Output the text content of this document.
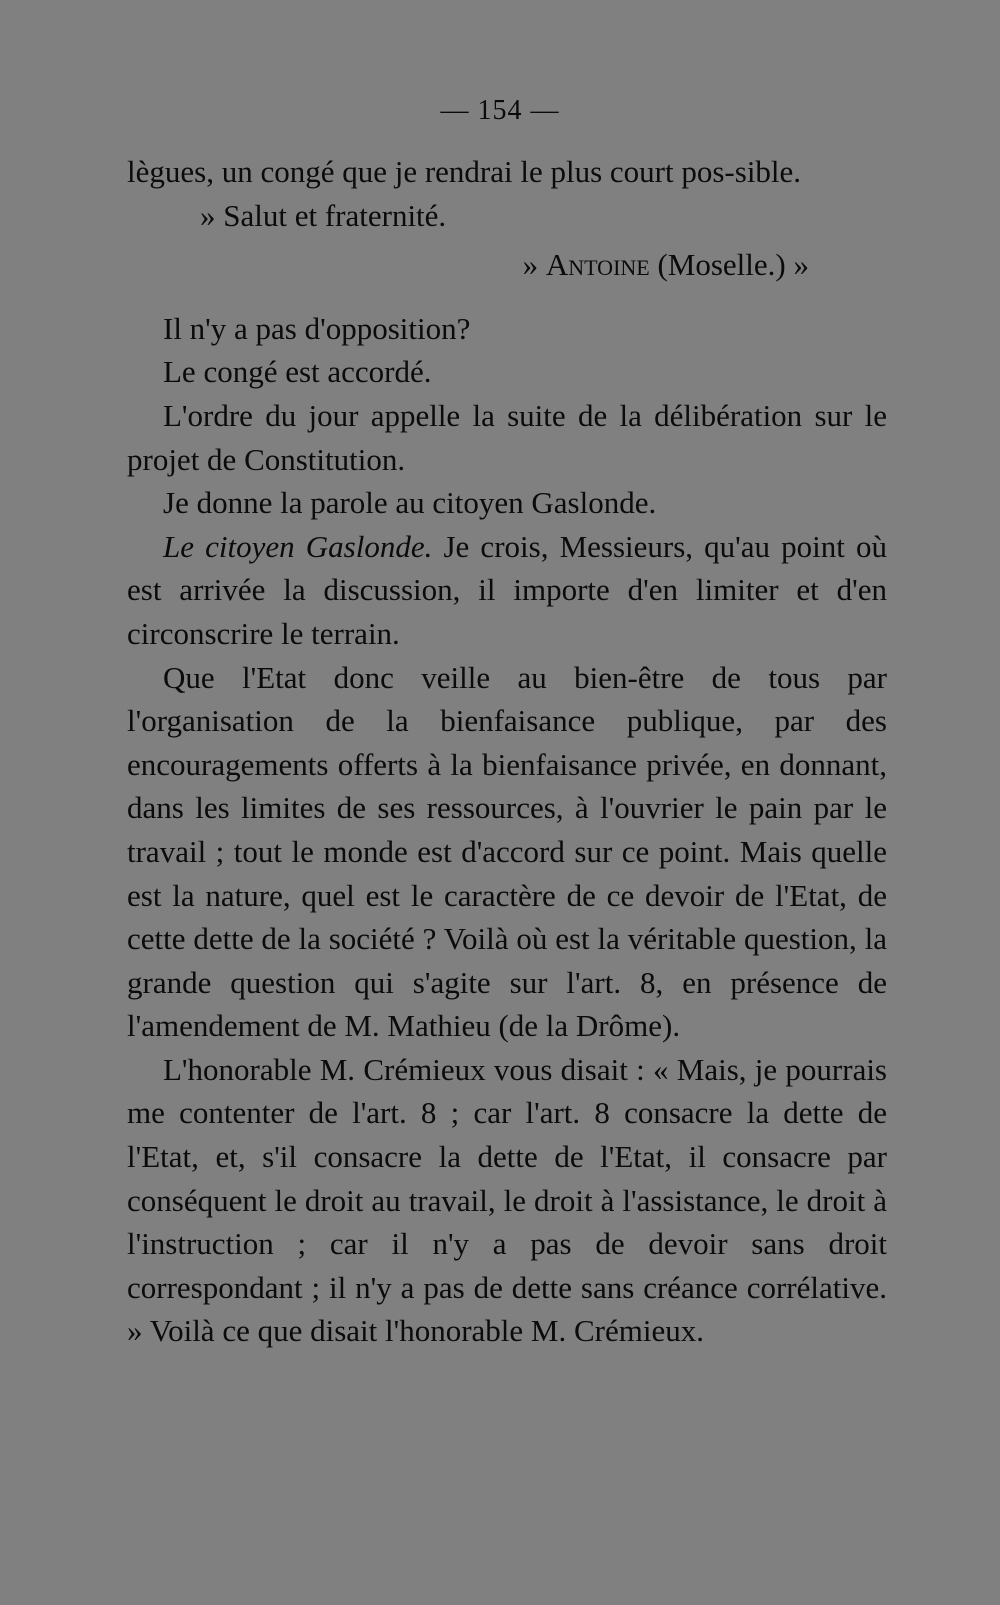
— 154 —

lègues, un congé que je rendrai le plus court pos-sible.

» Salut et fraternité.

» Antoine (Moselle.) »

Il n'y a pas d'opposition?

Le congé est accordé.

L'ordre du jour appelle la suite de la délibération sur le projet de Constitution.

Je donne la parole au citoyen Gaslonde.

Le citoyen Gaslonde. Je crois, Messieurs, qu'au point où est arrivée la discussion, il importe d'en limiter et d'en circonscrire le terrain.

Que l'Etat donc veille au bien-être de tous par l'organisation de la bienfaisance publique, par des encouragements offerts à la bienfaisance privée, en donnant, dans les limites de ses ressources, à l'ouvrier le pain par le travail ; tout le monde est d'accord sur ce point. Mais quelle est la nature, quel est le caractère de ce devoir de l'Etat, de cette dette de la société ? Voilà où est la véritable question, la grande question qui s'agite sur l'art. 8, en présence de l'amendement de M. Mathieu (de la Drôme).

L'honorable M. Crémieux vous disait : « Mais, je pourrais me contenter de l'art. 8 ; car l'art. 8 consacre la dette de l'Etat, et, s'il consacre la dette de l'Etat, il consacre par conséquent le droit au travail, le droit à l'assistance, le droit à l'instruction ; car il n'y a pas de devoir sans droit correspondant ; il n'y a pas de dette sans créance corrélative. » Voilà ce que disait l'honorable M. Crémieux.
